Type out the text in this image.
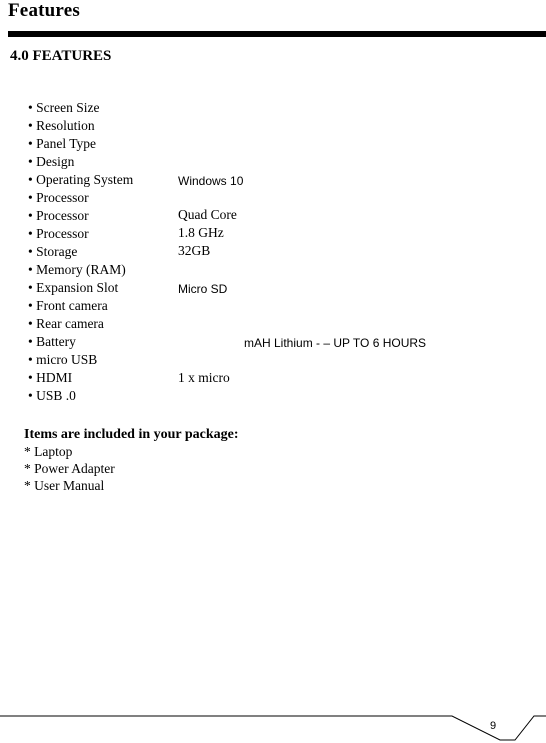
Features
4.0 FEATURES
• Screen Size
• Resolution
• Panel Type
• Design
• Operating System	Windows 10
• Processor
• Processor	Quad Core
• Processor	1.8 GHz
• Storage	32GB
• Memory (RAM)
• Expansion Slot	Micro SD
• Front camera
• Rear camera
• Battery	mAH Lithium - – UP TO 6 HOURS
• micro USB
• HDMI	1 x micro
• USB .0
Items are included in your package:
* Laptop
* Power Adapter
* User Manual
9
